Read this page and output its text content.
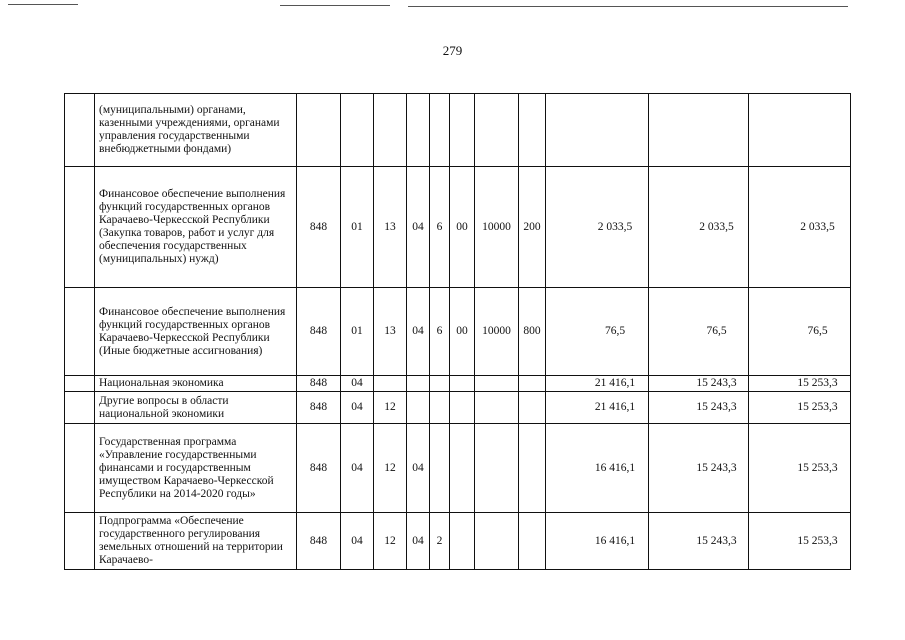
279
	(муниципальными) органами, казенными учреждениями, органами управления государственными внебюджетными фондами)											
	Финансовое обеспечение выполнения функций государственных органов Карачаево-Черкесской Республики (Закупка товаров, работ и услуг для обеспечения государственных (муниципальных) нужд)	848	01	13	04	6	00	10000	200	2 033,5	2 033,5	2 033,5
	Финансовое обеспечение выполнения функций государственных органов Карачаево-Черкесской Республики (Иные бюджетные ассигнования)	848	01	13	04	6	00	10000	800	76,5	76,5	76,5
	Национальная экономика	848	04							21 416,1	15 243,3	15 253,3
	Другие вопросы в области национальной экономики	848	04	12						21 416,1	15 243,3	15 253,3
	Государственная программа «Управление государственными финансами и государственным имуществом Карачаево-Черкесской Республики на 2014-2020 годы»	848	04	12	04					16 416,1	15 243,3	15 253,3
	Подпрограмма «Обеспечение государственного регулирования земельных отношений на территории Карачаево-	848	04	12	04	2				16 416,1	15 243,3	15 253,3
